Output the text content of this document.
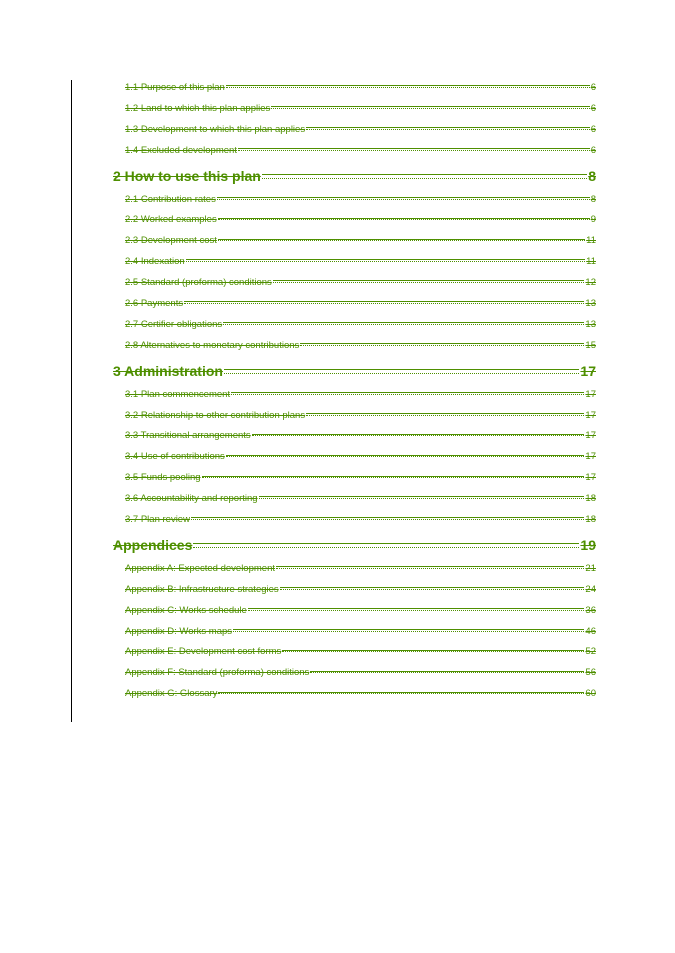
1.1 Purpose of this plan	6
1.2 Land to which this plan applies	6
1.3 Development to which this plan applies	6
1.4 Excluded development	6
2 How to use this plan	8
2.1 Contribution rates	8
2.2 Worked examples	9
2.3 Development cost	11
2.4 Indexation	11
2.5 Standard (proforma) conditions	12
2.6 Payments	13
2.7 Certifier obligations	13
2.8 Alternatives to monetary contributions	15
3 Administration	17
3.1 Plan commencement	17
3.2 Relationship to other contribution plans	17
3.3 Transitional arrangements	17
3.4 Use of contributions	17
3.5 Funds pooling	17
3.6 Accountability and reporting	18
3.7 Plan review	18
Appendices	19
Appendix A: Expected development	21
Appendix B: Infrastructure strategies	24
Appendix C: Works schedule	36
Appendix D: Works maps	46
Appendix E: Development cost forms	52
Appendix F: Standard (proforma) conditions	56
Appendix G: Glossary	60
